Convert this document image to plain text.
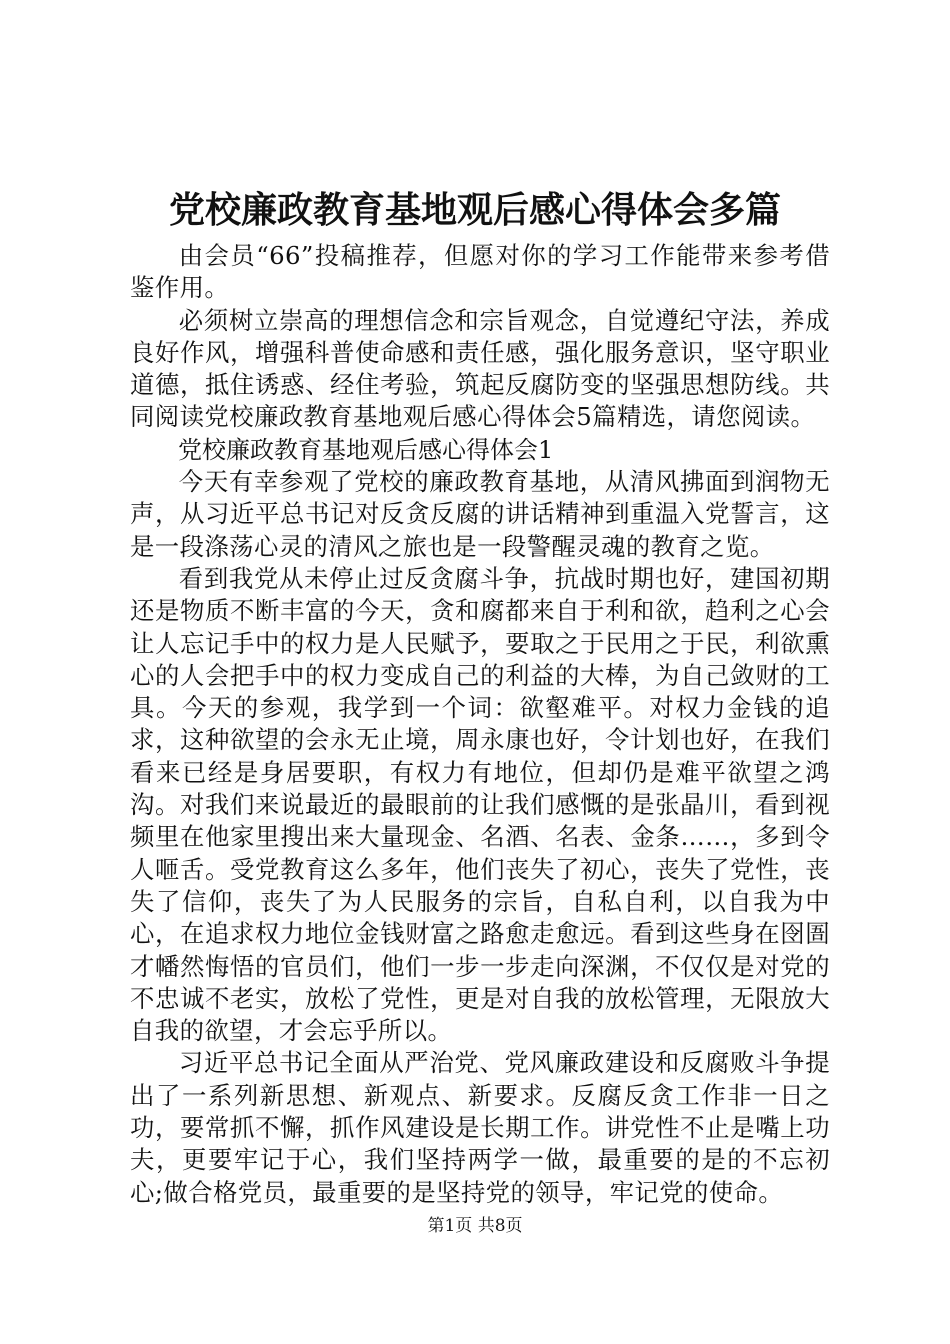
党校廉政教育基地观后感心得体会多篇

由会员“66”投稿推荐，但愿对你的学习工作能带来参考借鉴作用。

必须树立崇高的理想信念和宗旨观念，自觉遵纪守法，养成良好作风，增强科普使命感和责任感，强化服务意识，坚守职业道德，抵住诱惑、经住考验，筑起反腐防变的坚强思想防线。共同阅读党校廉政教育基地观后感心得体会5篇精选，请您阅读。

党校廉政教育基地观后感心得体会1

今天有幸参观了党校的廉政教育基地，从清风拂面到润物无声，从习近平总书记对反贪反腐的讲话精神到重温入党誓言，这是一段涤荡心灵的清风之旅也是一段警醒灵魂的教育之览。

看到我党从未停止过反贪腐斗争，抗战时期也好，建国初期还是物质不断丰富的今天，贪和腐都来自于利和欲，趋利之心会让人忘记手中的权力是人民赋予，要取之于民用之于民，利欲熏心的人会把手中的权力变成自己的利益的大棒，为自己敛财的工具。今天的参观，我学到一个词：欲壑难平。对权力金钱的追求，这种欲望的会永无止境，周永康也好，令计划也好，在我们看来已经是身居要职，有权力有地位，但却仍是难平欲望之鸿沟。对我们来说最近的最眼前的让我们感慨的是张晶川，看到视频里在他家里搜出来大量现金、名酒、名表、金条……，多到令人咂舌。受党教育这么多年，他们丧失了初心，丧失了党性，丧失了信仰，丧失了为人民服务的宗旨，自私自利，以自我为中心，在追求权力地位金钱财富之路愈走愈远。看到这些身在囹圄才幡然悔悟的官员们，他们一步一步走向深渊，不仅仅是对党的不忠诚不老实，放松了党性，更是对自我的放松管理，无限放大自我的欲望，才会忘乎所以。

习近平总书记全面从严治党、党风廉政建设和反腐败斗争提出了一系列新思想、新观点、新要求。反腐反贪工作非一日之功，要常抓不懈，抓作风建设是长期工作。讲党性不止是嘴上功夫，更要牢记于心，我们坚持两学一做，最重要的是的不忘初心;做合格党员，最重要的是坚持党的领导，牢记党的使命。

第1页 共8页
